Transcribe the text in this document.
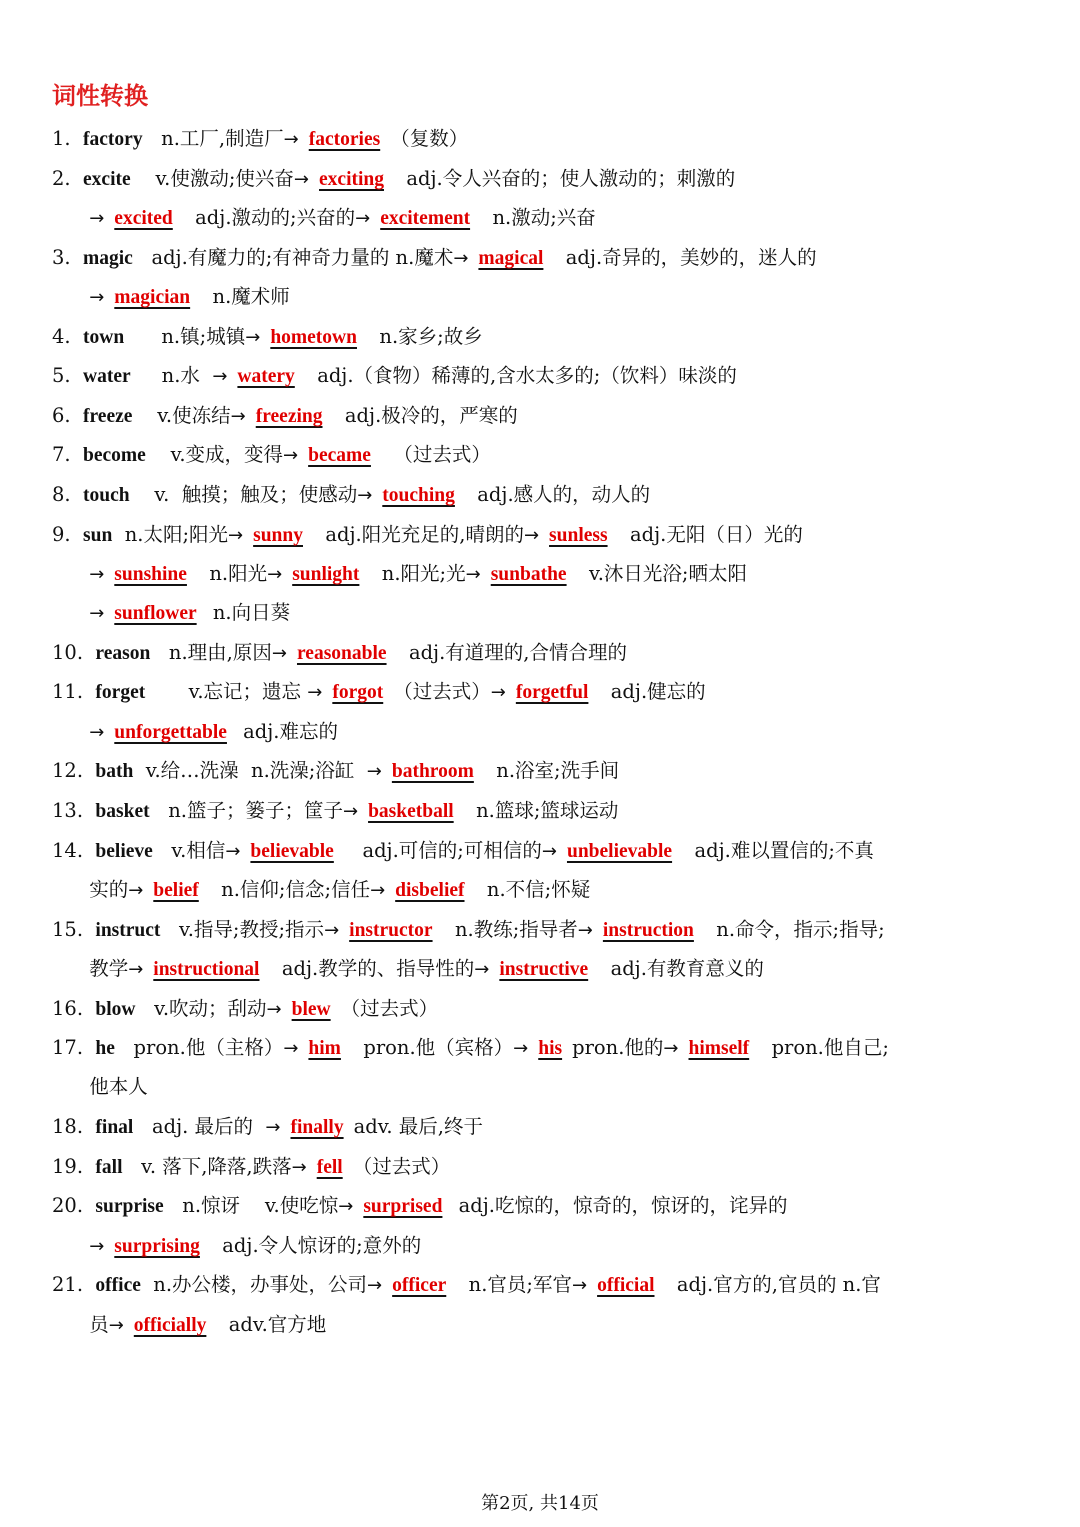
词性转换
1.  factory   n.工厂,制造厂→ factories （复数）
2.  excite    v.使激动;使兴奋→ exciting  adj.令人兴奋的；使人激动的；刺激的
→ excited  adj.激动的;兴奋的→ excitement  n.激动;兴奋
3.  magic   adj.有魔力的;有神奇力量的 n.魔术→ magical  adj.奇异的，美妙的，迷人的
→ magician  n.魔术师
4.  town      n.镇;城镇→ hometown  n.家乡;故乡
5.  water     n.水  → watery  adj.（食物）稀薄的,含水太多的;（饮料）味淡的
6.  freeze    v.使冻结→ freezing  adj.极冷的，严寒的
7.  become    v.变成，变得→ became  （过去式）
8.  touch    v.  触摸；触及；使感动→ touching  adj.感人的，动人的
9.  sun  n.太阳;阳光→ sunny  adj.阳光充足的,晴朗的→ sunless  adj.无阳（日）光的
→ sunshine  n.阳光→ sunlight  n.阳光;光→ sunbathe  v.沐日光浴;晒太阳
→ sunflower n.向日葵
10.  reason   n.理由,原因→ reasonable  adj.有道理的,合情合理的
11.  forget       v.忘记；遗忘 → forgot （过去式）→ forgetful  adj.健忘的
→ unforgettable adj.难忘的
12.  bath  v.给…洗澡  n.洗澡;浴缸  → bathroom  n.浴室;洗手间
13.  basket   n.篮子；篓子；筐子→ basketball  n.篮球;篮球运动
14.  believe   v.相信→ believable   adj.可信的;可相信的→ unbelievable  adj.难以置信的;不真
实的→ belief  n.信仰;信念;信任→ disbelief  n.不信;怀疑
15.  instruct   v.指导;教授;指示→ instructor  n.教练;指导者→ instruction  n.命令，指示;指导;
教学→ instructional  adj.教学的、指导性的→ instructive  adj.有教育意义的
16.  blow   v.吹动；刮动→ blew （过去式）
17.  he   pron.他（主格）→ him  pron.他（宾格）→ his pron.他的→ himself  pron.他自己;
他本人
18.  final   adj. 最后的  → finally adv. 最后,终于
19.  fall   v. 落下,降落,跌落→ fell （过去式）
20.  surprise   n.惊讶    v.使吃惊→ surprised adj.吃惊的，惊奇的，惊讶的，诧异的
→ surprising  adj.令人惊讶的;意外的
21.  office  n.办公楼，办事处，公司→ officer  n.官员;军官→ official  adj.官方的,官员的 n.官
员→ officially  adv.官方地
第2页, 共14页
